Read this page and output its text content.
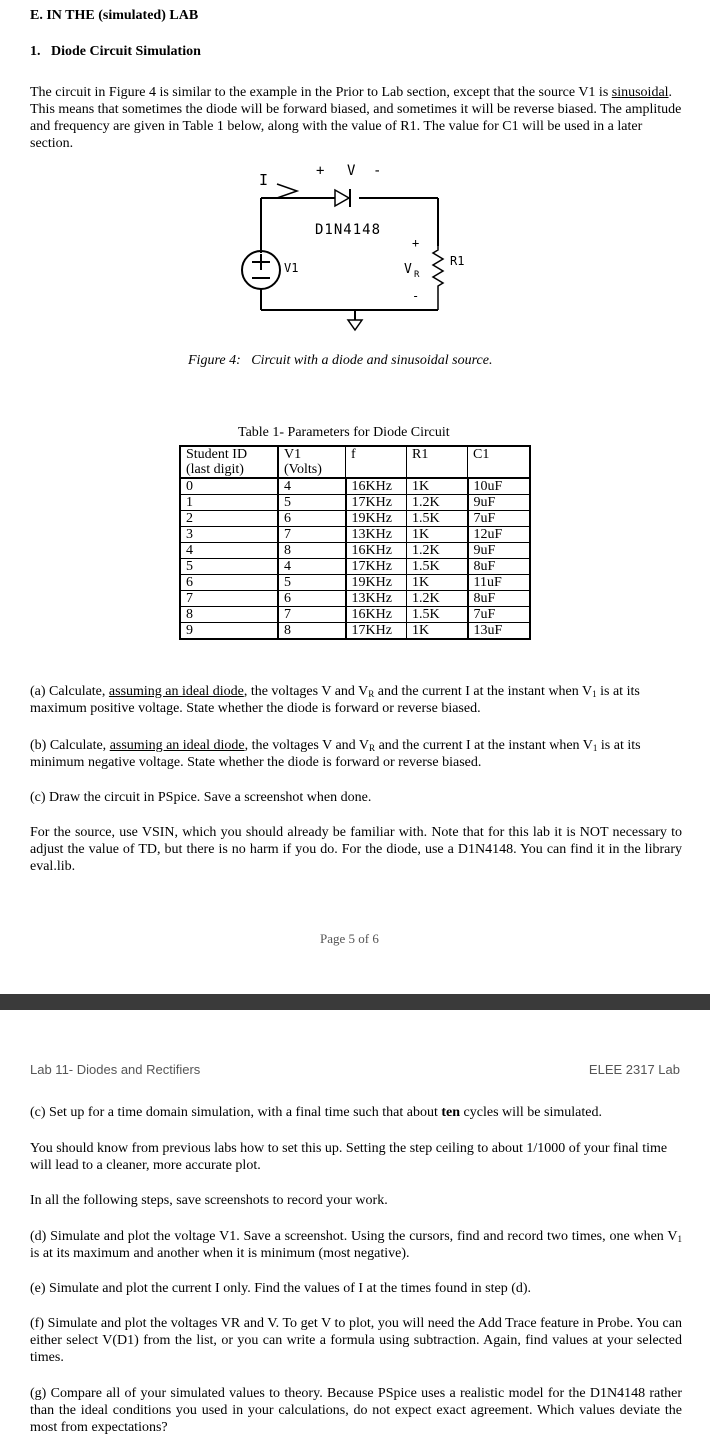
E. IN THE (simulated) LAB
1.   Diode Circuit Simulation
The circuit in Figure 4 is similar to the example in the Prior to Lab section, except that the source V1 is sinusoidal. This means that sometimes the diode will be forward biased, and sometimes it will be reverse biased. The amplitude and frequency are given in Table 1 below, along with the value of R1. The value for C1 will be used in a later section.
I	+ V -
D1N4148
V1	R1
+
V R
-
Figure 4:   Circuit with a diode and sinusoidal source.
Table 1- Parameters for Diode Circuit
Student ID	V1	f	R1	C1
(last digit)	(Volts)			
0	4	16KHz	1K	10uF
1	5	17KHz	1.2K	9uF
2	6	19KHz	1.5K	7uF
3	7	13KHz	1K	12uF
4	8	16KHz	1.2K	9uF
5	4	17KHz	1.5K	8uF
6	5	19KHz	1K	11uF
7	6	13KHz	1.2K	8uF
8	7	16KHz	1.5K	7uF
9	8	17KHz	1K	13uF
(a) Calculate, assuming an ideal diode, the voltages V and $V_R$ and the current I at the instant when $V_1$ is at its maximum positive voltage. State whether the diode is forward or reverse biased.
(b) Calculate, assuming an ideal diode, the voltages V and $V_R$ and the current I at the instant when $V_1$ is at its minimum negative voltage. State whether the diode is forward or reverse biased.
(c) Draw the circuit in PSpice. Save a screenshot when done.
For the source, use VSIN, which you should already be familiar with. Note that for this lab it is NOT necessary to adjust the value of TD, but there is no harm if you do. For the diode, use a D1N4148. You can find it in the library eval.lib.
Page 5 of 6
Lab 11- Diodes and Rectifiers	ELEE 2317 Lab
(c) Set up for a time domain simulation, with a final time such that about ten cycles will be simulated.
You should know from previous labs how to set this up. Setting the step ceiling to about 1/1000 of your final time will lead to a cleaner, more accurate plot.
In all the following steps, save screenshots to record your work.
(d) Simulate and plot the voltage V1. Save a screenshot. Using the cursors, find and record two times, one when $V_1$ is at its maximum and another when it is minimum (most negative).
(e) Simulate and plot the current I only. Find the values of I at the times found in step (d).
(f) Simulate and plot the voltages VR and V. To get V to plot, you will need the Add Trace feature in Probe. You can either select V(D1) from the list, or you can write a formula using subtraction. Again, find values at your selected times.
(g) Compare all of your simulated values to theory. Because PSpice uses a realistic model for the D1N4148 rather than the ideal conditions you used in your calculations, do not expect exact agreement. Which values deviate the most from expectations?
